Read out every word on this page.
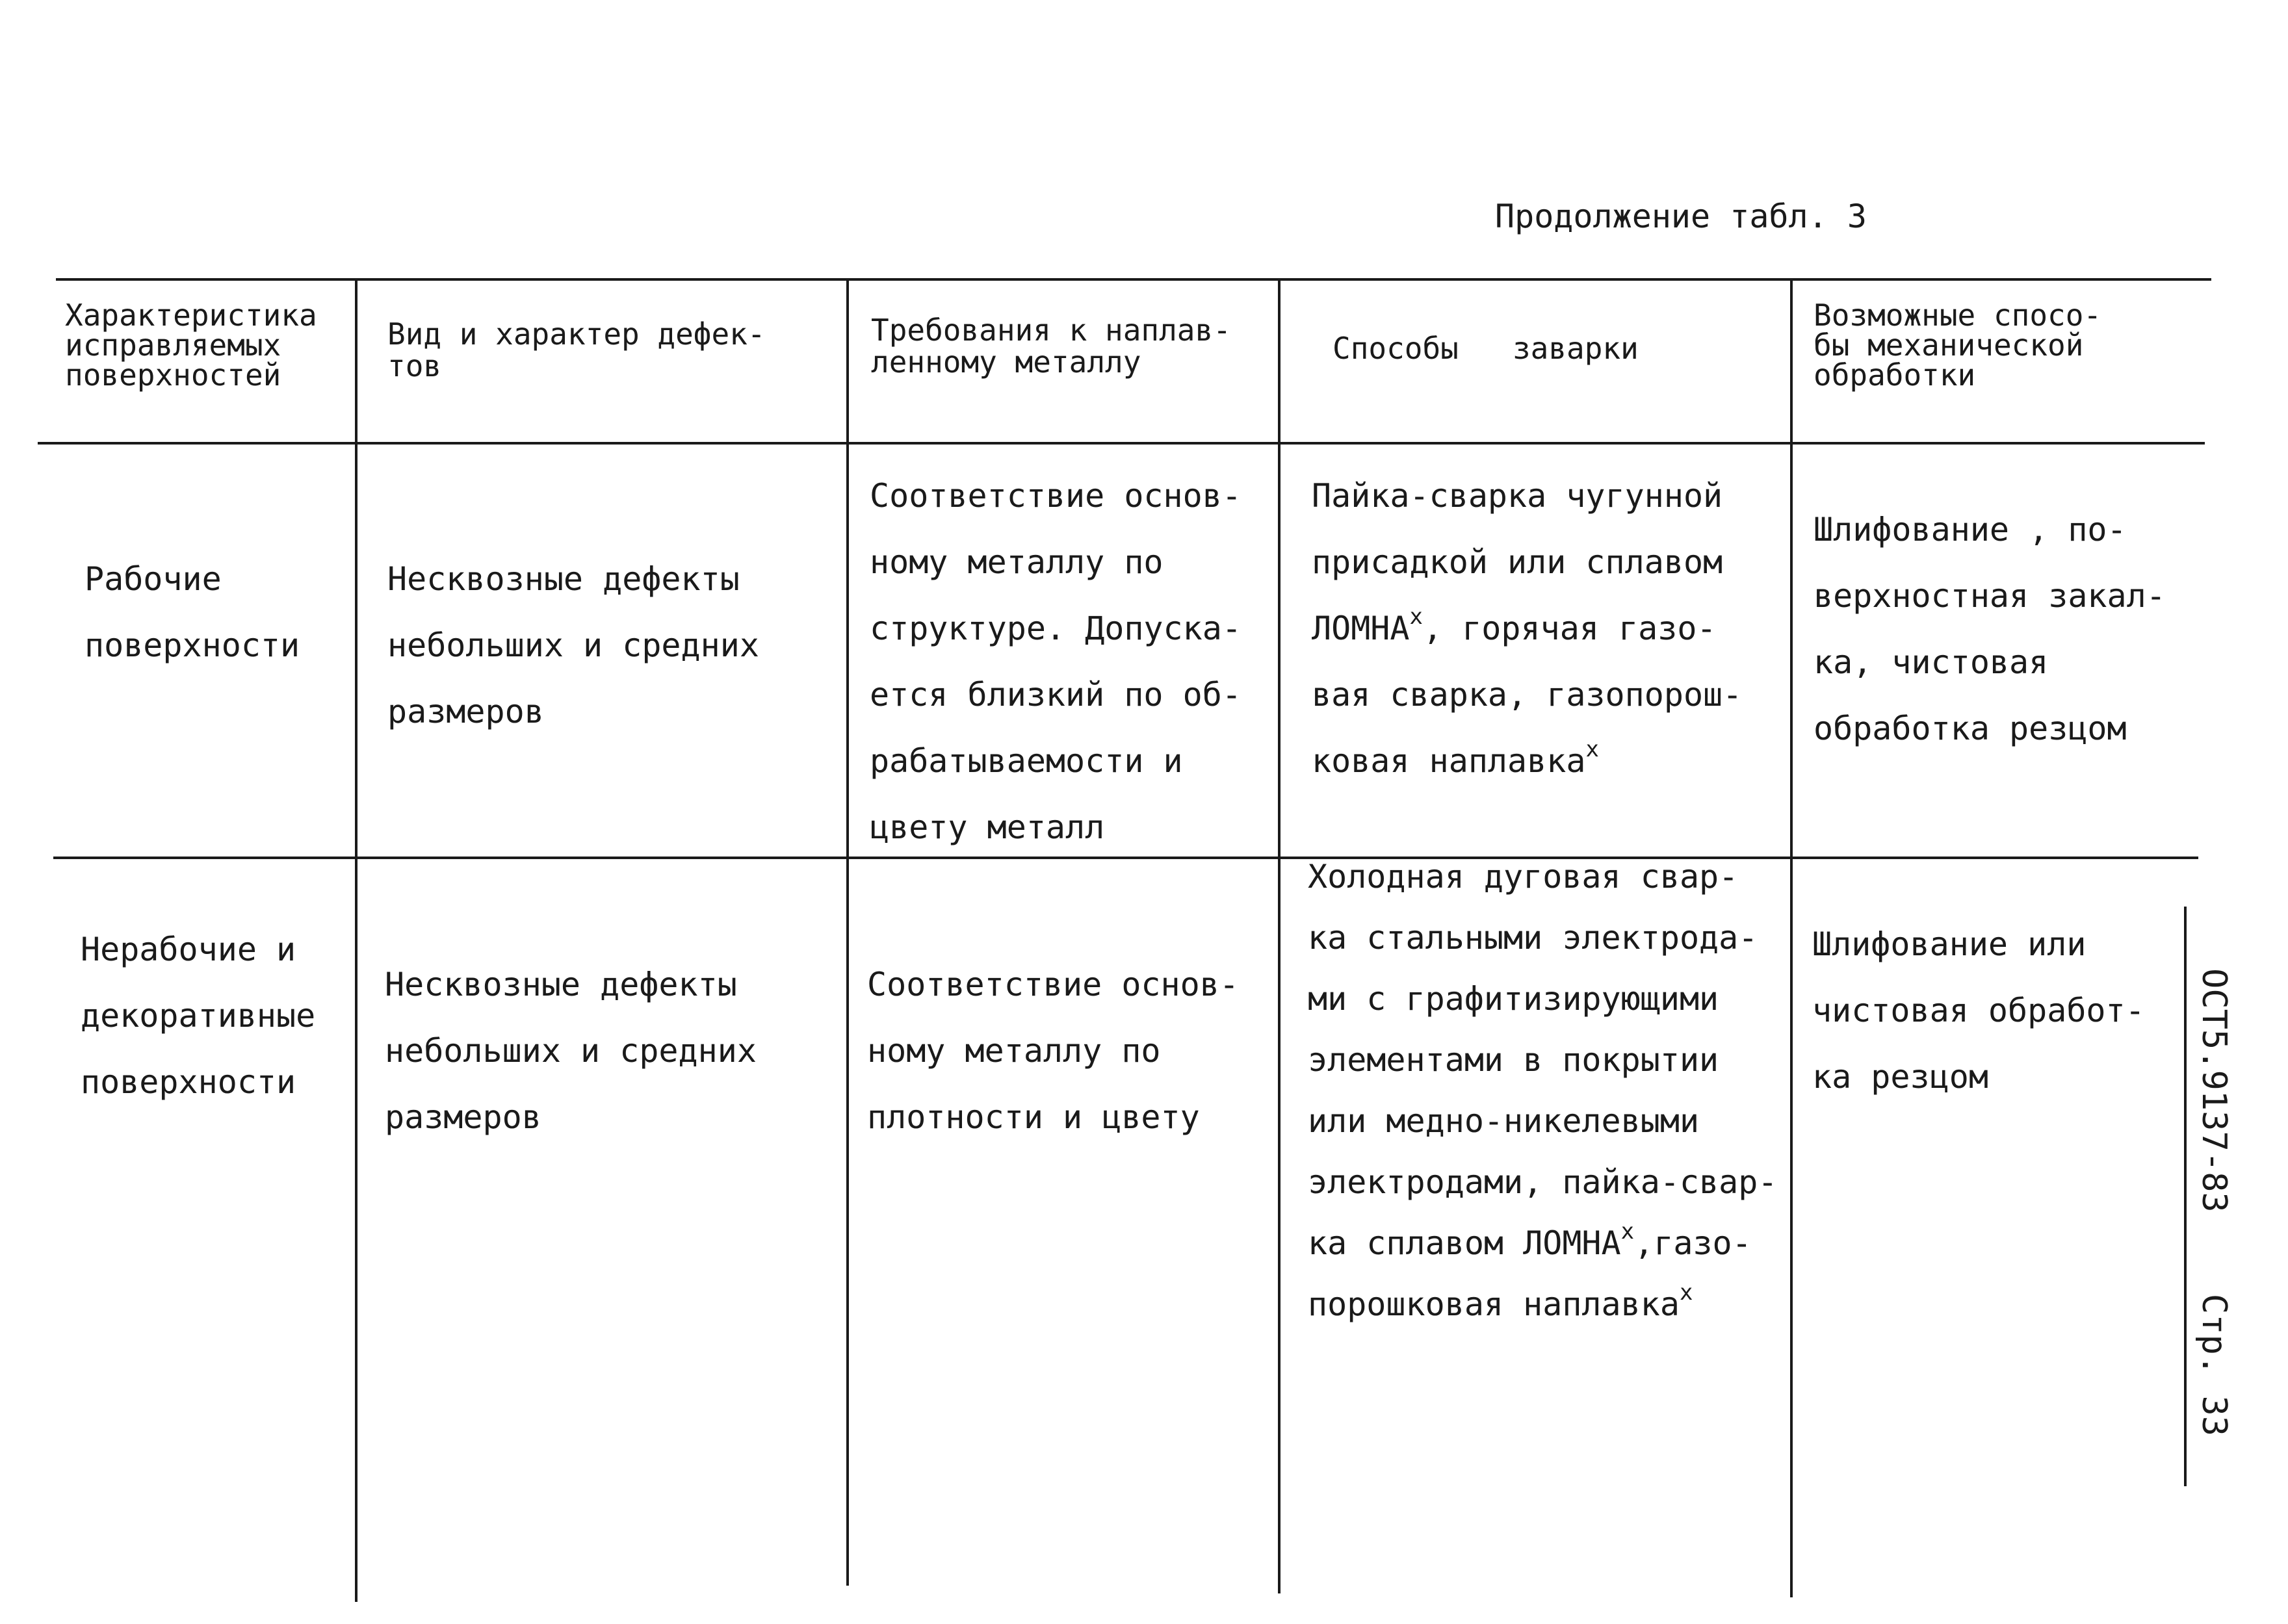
Продолжение табл. 3
Характеристика
исправляемых
поверхностей
Вид и характер дефек-
тов
Требования к наплав-
ленному металлу	Способы   заварки
Возможные спосо-
бы механической
обработки
Рабочие
поверхности
Несквозные дефекты
небольших и средних
размеров
Соответствие основ-
ному металлу по
структуре. Допуска-
ется близкий по об-
рабатываемости и
цвету металл
Пайка-сварка чугунной
присадкой или сплавом
ЛОМНА$^x$, горячая газо-
вая сварка, газопорош-
ковая наплавка$^x$
Шлифование , по-
верхностная закал-
ка, чистовая
обработка резцом
Нерабочие и
декоративные
поверхности
Несквозные дефекты
небольших и средних
размеров
Соответствие основ-
ному металлу по
плотности и цвету
Холодная дуговая свар-
ка стальными электрода-
ми с графитизирующими
элементами в покрытии
или медно-никелевыми
электродами, пайка-свар-
ка сплавом ЛОМНА$^x$,газо-
порошковая наплавка$^x$
Шлифование или
чистовая обработ-
ка резцом	ОСТ5.9137-83    Стр. 33
